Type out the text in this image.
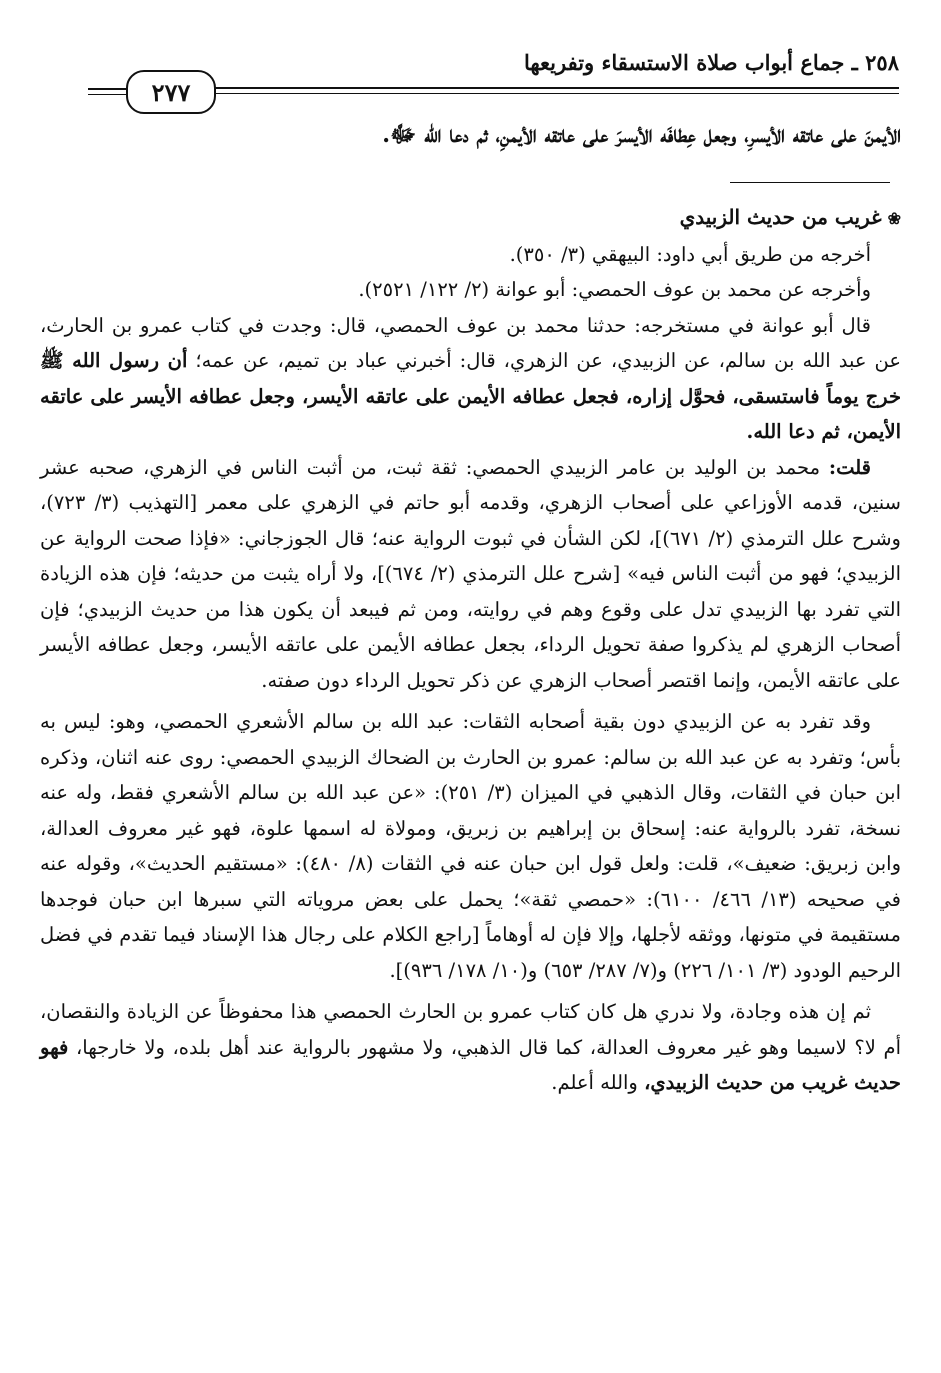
٢٥٨ ـ جماع أبواب صلاة الاستسقاء وتفريعها
٢٧٧
الأيمنَ على عاتقه الأيسرِ، وجعل عِطافَه الأيسرَ على عاتقه الأيمنِ، ثم دعا الله ﷻ.

❀غريب من حديث الزبيدي

أخرجه من طريق أبي داود: البيهقي (٣/ ٣٥٠).

وأخرجه عن محمد بن عوف الحمصي: أبو عوانة (٢/ ١٢٢/ ٢٥٢١).

قال أبو عوانة في مستخرجه: حدثنا محمد بن عوف الحمصي، قال: وجدت في كتاب عمرو بن الحارث، عن عبد الله بن سالم، عن الزبيدي، عن الزهري، قال: أخبرني عباد بن تميم، عن عمه؛ أن رسول الله ﷺ خرج يوماً فاستسقى، فحوَّل إزاره، فجعل عطافه الأيمن على عاتقه الأيسر، وجعل عطافه الأيسر على عاتقه الأيمن، ثم دعا الله.

قلت: محمد بن الوليد بن عامر الزبيدي الحمصي: ثقة ثبت، من أثبت الناس في الزهري، صحبه عشر سنين، قدمه الأوزاعي على أصحاب الزهري، وقدمه أبو حاتم في الزهري على معمر [التهذيب (٣/ ٧٢٣)، وشرح علل الترمذي (٢/ ٦٧١)]، لكن الشأن في ثبوت الرواية عنه؛ قال الجوزجاني: «فإذا صحت الرواية عن الزبيدي؛ فهو من أثبت الناس فيه» [شرح علل الترمذي (٢/ ٦٧٤)]، ولا أراه يثبت من حديثه؛ فإن هذه الزيادة التي تفرد بها الزبيدي تدل على وقوع وهم في روايته، ومن ثم فيبعد أن يكون هذا من حديث الزبيدي؛ فإن أصحاب الزهري لم يذكروا صفة تحويل الرداء، بجعل عطافه الأيمن على عاتقه الأيسر، وجعل عطافه الأيسر على عاتقه الأيمن، وإنما اقتصر أصحاب الزهري عن ذكر تحويل الرداء دون صفته.

وقد تفرد به عن الزبيدي دون بقية أصحابه الثقات: عبد الله بن سالم الأشعري الحمصي، وهو: ليس به بأس؛ وتفرد به عن عبد الله بن سالم: عمرو بن الحارث بن الضحاك الزبيدي الحمصي: روى عنه اثنان، وذكره ابن حبان في الثقات، وقال الذهبي في الميزان (٣/ ٢٥١): «عن عبد الله بن سالم الأشعري فقط، وله عنه نسخة، تفرد بالرواية عنه: إسحاق بن إبراهيم بن زبريق، ومولاة له اسمها علوة، فهو غير معروف العدالة، وابن زبريق: ضعيف»، قلت: ولعل قول ابن حبان عنه في الثقات (٨/ ٤٨٠): «مستقيم الحديث»، وقوله عنه في صحيحه (١٣/ ٤٦٦/ ٦١٠٠): «حمصي ثقة»؛ يحمل على بعض مروياته التي سبرها ابن حبان فوجدها مستقيمة في متونها، ووثقه لأجلها، وإلا فإن له أوهاماً [راجع الكلام على رجال هذا الإسناد فيما تقدم في فضل الرحيم الودود (٣/ ١٠١/ ٢٢٦) و(٧/ ٢٨٧/ ٦٥٣) و(١٠/ ١٧٨/ ٩٣٦)].

ثم إن هذه وجادة، ولا ندري هل كان كتاب عمرو بن الحارث الحمصي هذا محفوظاً عن الزيادة والنقصان، أم لا؟ لاسيما وهو غير معروف العدالة، كما قال الذهبي، ولا مشهور بالرواية عند أهل بلده، ولا خارجها، فهو حديث غريب من حديث الزبيدي، والله أعلم.
